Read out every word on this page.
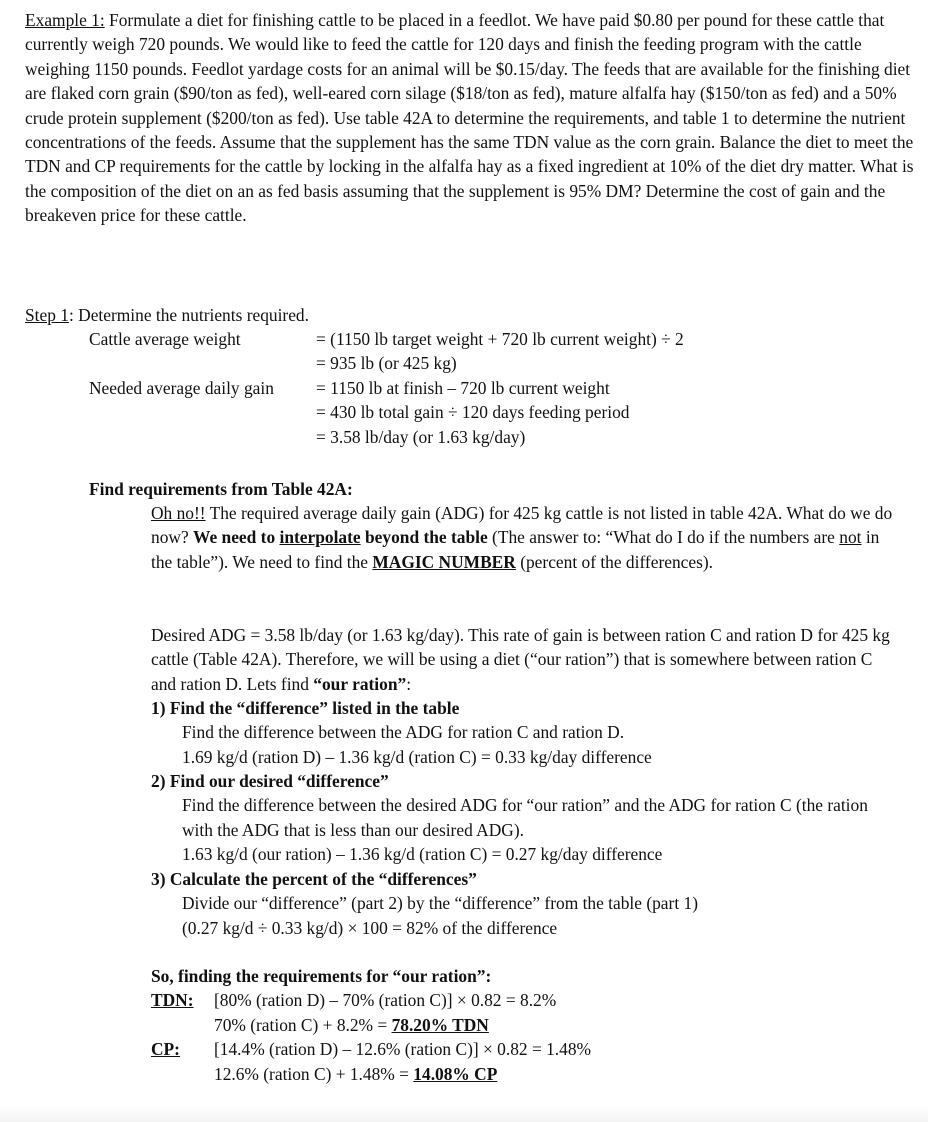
Example 1: Formulate a diet for finishing cattle to be placed in a feedlot. We have paid $0.80 per pound for these cattle that currently weigh 720 pounds. We would like to feed the cattle for 120 days and finish the feeding program with the cattle weighing 1150 pounds. Feedlot yardage costs for an animal will be $0.15/day. The feeds that are available for the finishing diet are flaked corn grain ($90/ton as fed), well-eared corn silage ($18/ton as fed), mature alfalfa hay ($150/ton as fed) and a 50% crude protein supplement ($200/ton as fed). Use table 42A to determine the requirements, and table 1 to determine the nutrient concentrations of the feeds. Assume that the supplement has the same TDN value as the corn grain. Balance the diet to meet the TDN and CP requirements for the cattle by locking in the alfalfa hay as a fixed ingredient at 10% of the diet dry matter. What is the composition of the diet on an as fed basis assuming that the supplement is 95% DM? Determine the cost of gain and the breakeven price for these cattle.

Step 1: Determine the nutrients required.
Cattle average weight	= (1150 lb target weight + 720 lb current weight) ÷ 2
= 935 lb (or 425 kg)
Needed average daily gain	= 1150 lb at finish – 720 lb current weight
= 430 lb total gain ÷ 120 days feeding period
= 3.58 lb/day (or 1.63 kg/day)
Find requirements from Table 42A:
Oh no!! The required average daily gain (ADG) for 425 kg cattle is not listed in table 42A. What do we do now? We need to interpolate beyond the table (The answer to: “What do I do if the numbers are not in the table”). We need to find the MAGIC NUMBER (percent of the differences).
Desired ADG = 3.58 lb/day (or 1.63 kg/day). This rate of gain is between ration C and ration D for 425 kg cattle (Table 42A). Therefore, we will be using a diet (“our ration”) that is somewhere between ration C and ration D. Lets find “our ration”:
1) Find the “difference” listed in the table
Find the difference between the ADG for ration C and ration D.
1.69 kg/d (ration D) – 1.36 kg/d (ration C) = 0.33 kg/day difference
2) Find our desired “difference”
Find the difference between the desired ADG for “our ration” and the ADG for ration C (the ration with the ADG that is less than our desired ADG).
1.63 kg/d (our ration) – 1.36 kg/d (ration C) = 0.27 kg/day difference
3) Calculate the percent of the “differences”
Divide our “difference” (part 2) by the “difference” from the table (part 1)
(0.27 kg/d ÷ 0.33 kg/d) × 100 = 82% of the difference
So, finding the requirements for “our ration”:
TDN:	[80% (ration D) – 70% (ration C)] × 0.82 = 8.2%
70% (ration C) + 8.2% = 78.20% TDN
CP:	[14.4% (ration D) – 12.6% (ration C)] × 0.82 = 1.48%
12.6% (ration C) + 1.48% = 14.08% CP
